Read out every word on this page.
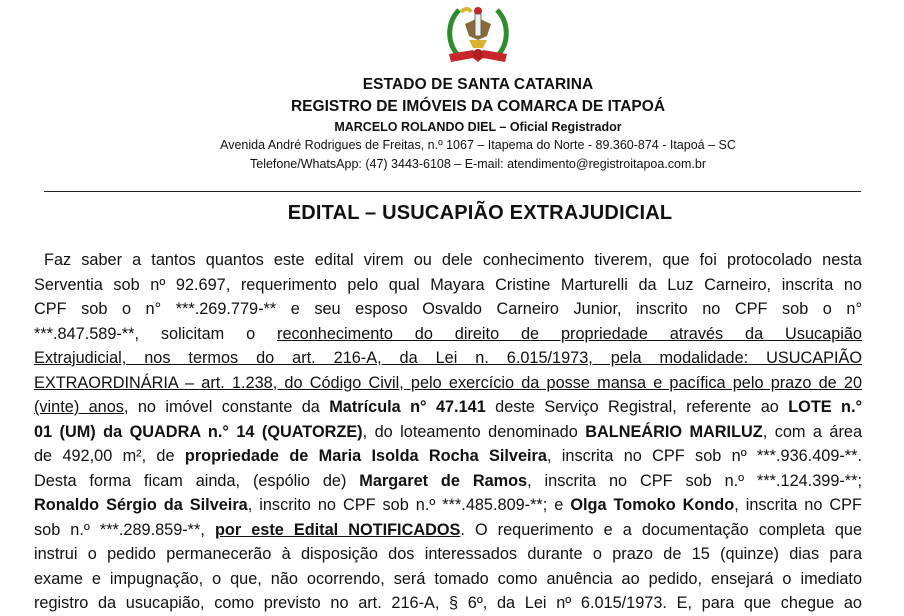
ESTADO DE SANTA CATARINA
REGISTRO DE IMÓVEIS DA COMARCA DE ITAPOÁ
MARCELO ROLANDO DIEL – Oficial Registrador
Avenida André Rodrigues de Freitas, n.º 1067 – Itapema do Norte - 89.360-874 - Itapoá – SC
Telefone/WhatsApp: (47) 3443-6108 – E-mail: atendimento@registroitapoa.com.br
EDITAL – USUCAPIÃO EXTRAJUDICIAL
Faz saber a tantos quantos este edital virem ou dele conhecimento tiverem, que foi protocolado nesta
Serventia sob nº 92.697, requerimento pelo qual Mayara Cristine Marturelli da Luz Carneiro, inscrita no
CPF sob o n° ***.269.779-** e seu esposo Osvaldo Carneiro Junior, inscrito no CPF sob o n°
***.847.589-**, solicitam o reconhecimento do direito de propriedade através da Usucapião
Extrajudicial, nos termos do art. 216-A, da Lei n. 6.015/1973, pela modalidade: USUCAPIÃO
EXTRAORDINÁRIA – art. 1.238, do Código Civil, pelo exercício da posse mansa e pacífica pelo prazo de 20
(vinte) anos, no imóvel constante da Matrícula n° 47.141 deste Serviço Registral, referente ao LOTE n.°
01 (UM) da QUADRA n.° 14 (QUATORZE), do loteamento denominado BALNEÁRIO MARILUZ, com a área
de 492,00 m², de propriedade de Maria Isolda Rocha Silveira, inscrita no CPF sob nº ***.936.409-**.
Desta forma ficam ainda, (espólio de) Margaret de Ramos, inscrita no CPF sob n.º ***.124.399-**;
Ronaldo Sérgio da Silveira, inscrito no CPF sob n.º ***.485.809-**; e Olga Tomoko Kondo, inscrita no CPF
sob n.º ***.289.859-**, por este Edital NOTIFICADOS. O requerimento e a documentação completa que
instrui o pedido permanecerão à disposição dos interessados durante o prazo de 15 (quinze) dias para
exame e impugnação, o que, não ocorrendo, será tomado como anuência ao pedido, ensejará o imediato
registro da usucapião, como previsto no art. 216-A, § 6º, da Lei nº 6.015/1973. E, para que chegue ao
